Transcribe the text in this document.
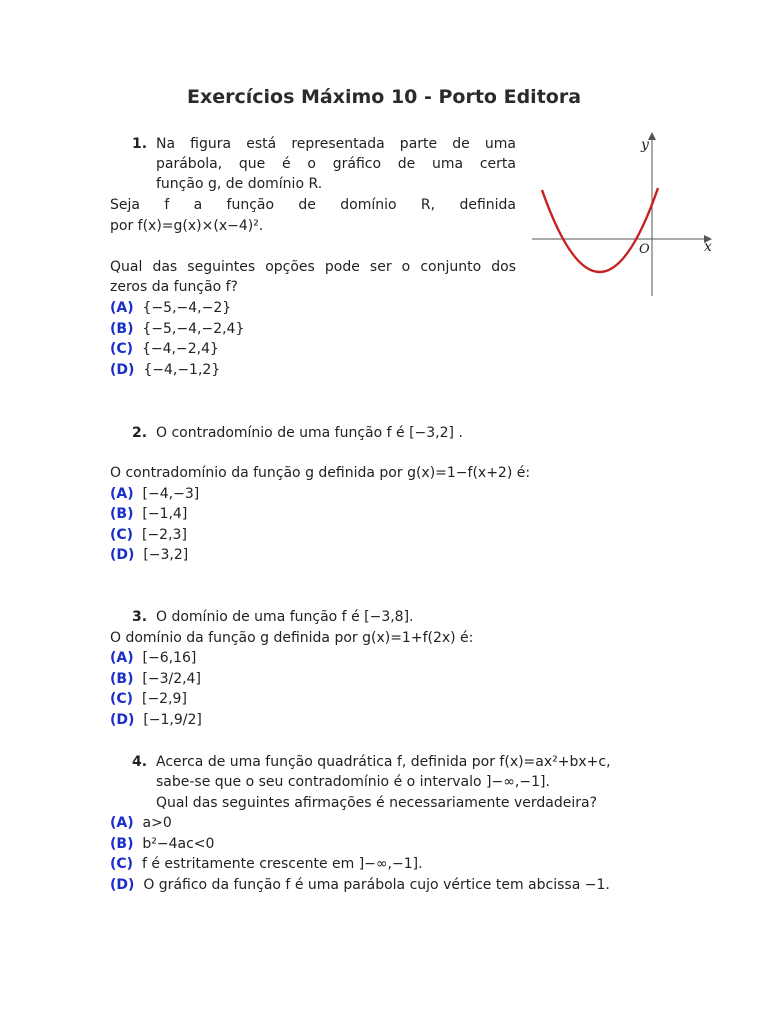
Exercícios Máximo 10 - Porto Editora
1. Na figura está representada parte de uma
parábola, que é o gráfico de uma certa
função g, de domínio R.
Seja f a função de domínio R, definida
por f(x)=g(x)×(x−4)².
Qual das seguintes opções pode ser o conjunto dos
zeros da função f?
(A) {−5,−4,−2}
(B) {−5,−4,−2,4}
(C) {−4,−2,4}
(D) {−4,−1,2}
y
x
O
2. O contradomínio de uma função f é [−3,2] .
O contradomínio da função g definida por g(x)=1−f(x+2) é:
(A) [−4,−3]
(B) [−1,4]
(C) [−2,3]
(D) [−3,2]
3. O domínio de uma função f é [−3,8].
O domínio da função g definida por g(x)=1+f(2x) é:
(A) [−6,16]
(B) [−3/2,4]
(C) [−2,9]
(D) [−1,9/2]
4. Acerca de uma função quadrática f, definida por f(x)=ax²+bx+c,
sabe-se que o seu contradomínio é o intervalo ]−∞,−1].
Qual das seguintes afirmações é necessariamente verdadeira?
(A) a>0
(B) b²−4ac<0
(C) f é estritamente crescente em ]−∞,−1].
(D) O gráfico da função f é uma parábola cujo vértice tem abcissa −1.
